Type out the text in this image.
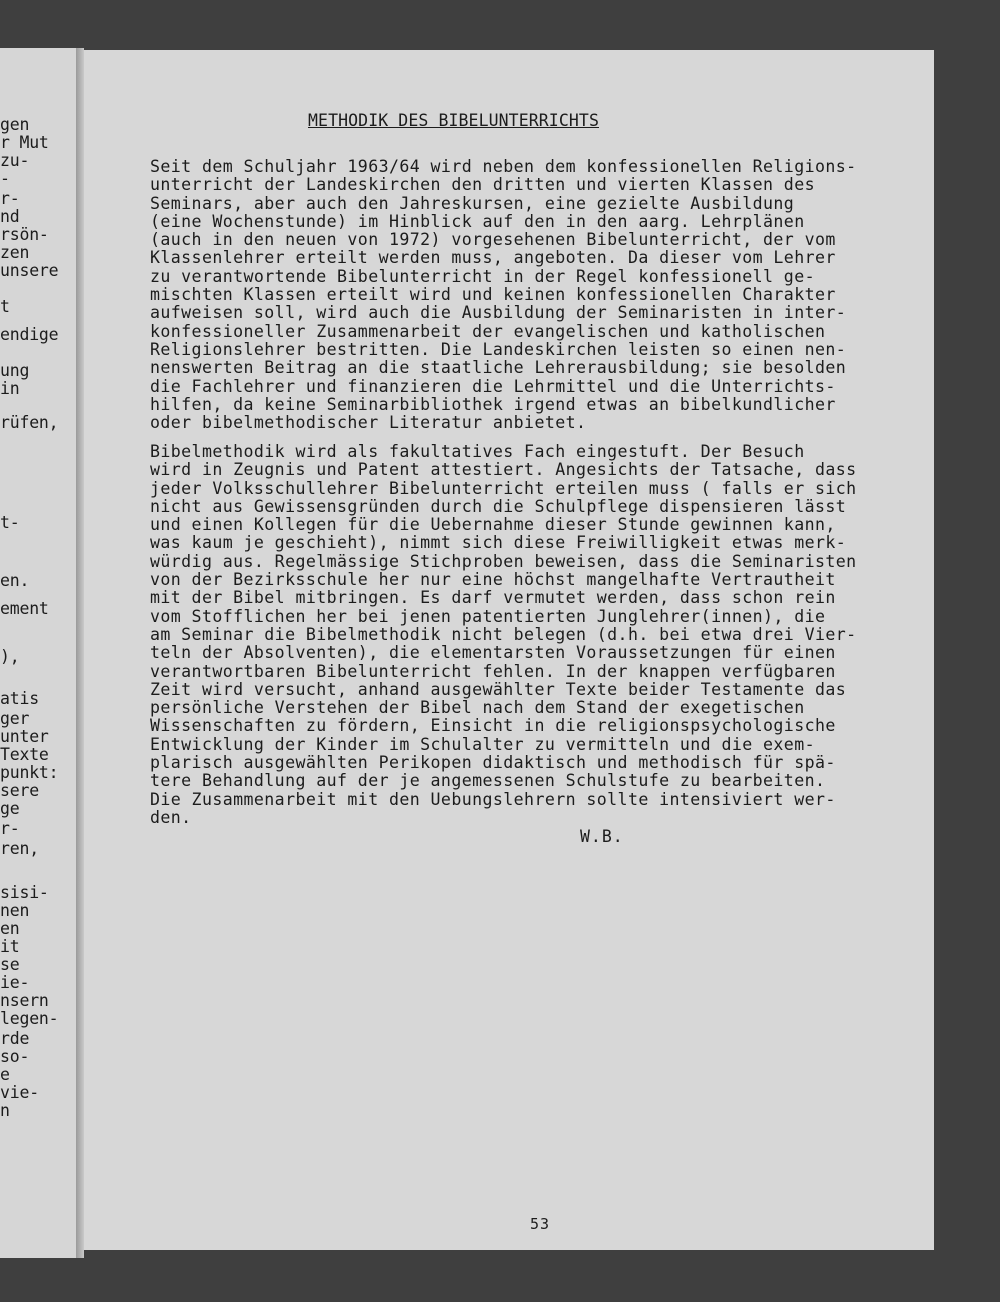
gen
r Mut
zu-
-
r-
nd
rsön-
zen
unsere
t
endige
ung
in
rüfen,
t-
en.
ement
),
atis
ger
unter
Texte
punkt:
sere
ge
r-
ren,
sisi-
nen
en
it
se
ie-
nsern
legen-
rde
so-
e
vie-
n
METHODIK DES BIBELUNTERRICHTS
Seit dem Schuljahr 1963/64 wird neben dem konfessionellen Religions-
unterricht der Landeskirchen den dritten und vierten Klassen des
Seminars, aber auch den Jahreskursen, eine gezielte Ausbildung
(eine Wochenstunde) im Hinblick auf den in den aarg. Lehrplänen
(auch in den neuen von 1972) vorgesehenen Bibelunterricht, der vom
Klassenlehrer erteilt werden muss, angeboten. Da dieser vom Lehrer
zu verantwortende Bibelunterricht in der Regel konfessionell ge-
mischten Klassen erteilt wird und keinen konfessionellen Charakter
aufweisen soll, wird auch die Ausbildung der Seminaristen in inter-
konfessioneller Zusammenarbeit der evangelischen und katholischen
Religionslehrer bestritten. Die Landeskirchen leisten so einen nen-
nenswerten Beitrag an die staatliche Lehrerausbildung; sie besolden
die Fachlehrer und finanzieren die Lehrmittel und die Unterrichts-
hilfen, da keine Seminarbibliothek irgend etwas an bibelkundlicher
oder bibelmethodischer Literatur anbietet.
Bibelmethodik wird als fakultatives Fach eingestuft. Der Besuch
wird in Zeugnis und Patent attestiert. Angesichts der Tatsache, dass
jeder Volksschullehrer Bibelunterricht erteilen muss ( falls er sich
nicht aus Gewissensgründen durch die Schulpflege dispensieren lässt
und einen Kollegen für die Uebernahme dieser Stunde gewinnen kann,
was kaum je geschieht), nimmt sich diese Freiwilligkeit etwas merk-
würdig aus. Regelmässige Stichproben beweisen, dass die Seminaristen
von der Bezirksschule her nur eine höchst mangelhafte Vertrautheit
mit der Bibel mitbringen. Es darf vermutet werden, dass schon rein
vom Stofflichen her bei jenen patentierten Junglehrer(innen), die
am Seminar die Bibelmethodik nicht belegen (d.h. bei etwa drei Vier-
teln der Absolventen), die elementarsten Voraussetzungen für einen
verantwortbaren Bibelunterricht fehlen. In der knappen verfügbaren
Zeit wird versucht, anhand ausgewählter Texte beider Testamente das
persönliche Verstehen der Bibel nach dem Stand der exegetischen
Wissenschaften zu fördern, Einsicht in die religionspsychologische
Entwicklung der Kinder im Schulalter zu vermitteln und die exem-
plarisch ausgewählten Perikopen didaktisch und methodisch für spä-
tere Behandlung auf der je angemessenen Schulstufe zu bearbeiten.
Die Zusammenarbeit mit den Uebungslehrern sollte intensiviert wer-
den.
W.B.
53
